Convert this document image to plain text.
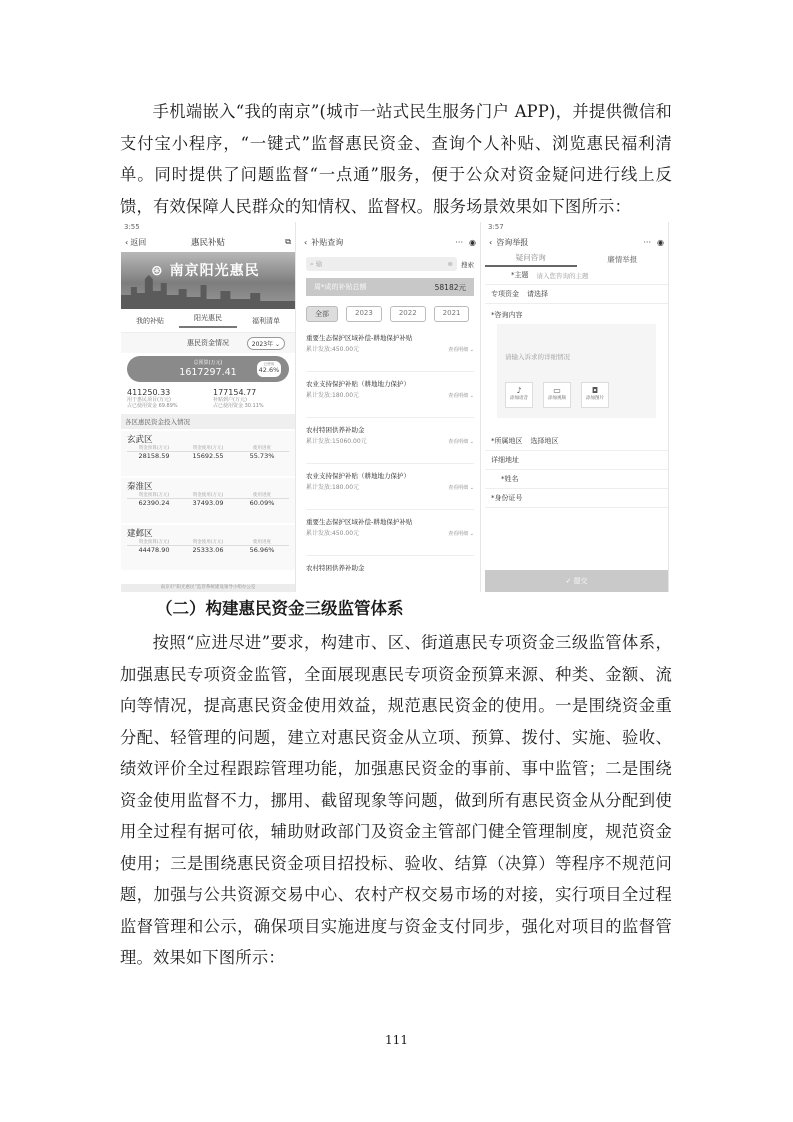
手机端嵌入“我的南京”(城市一站式民生服务门户 APP)，并提供微信和支付宝小程序，“一键式”监督惠民资金、查询个人补贴、浏览惠民福利清单。同时提供了问题监督“一点通”服务，便于公众对资金疑问进行线上反馈，有效保障人民群众的知情权、监督权。服务场景效果如下图所示：

3:55
‹ 返回	惠民补贴	⧉
⊛ 南京阳光惠民
我的补贴	阳光惠民	福利清单
惠民资金情况	2023年 ⌄
总预算(万元)
1617297.41
已使用
42.6%
411250.33
用于惠民项目(万元)
占已使用资金 69.89%
177154.77
补贴到户(万元)
占已使用资金 30.11%
各区惠民资金投入情况
玄武区
资金预算(万元)
28158.59
资金使用(万元)
15692.55
使用进度
55.73%
秦淮区
资金预算(万元)
62390.24
资金使用(万元)
37493.09
使用进度
60.09%
建邺区
资金预算(万元)
44478.90
资金使用(万元)
25333.06
使用进度
56.96%
南京市“阳光惠民”监管系统建设领导小组办公室
‹ 补贴查询	··· ◉
⌕ 输	⊗ 搜索
周*成的补贴总额	58182元
全部	2023	2022	2021
重要生态保护区域补偿-耕地保护补贴
累计发放:450.00元	查看明细 ⌄
农业支持保护补贴（耕地地力保护）
累计发放:180.00元	查看明细 ⌄
农村特困供养补助金
累计发放:15060.00元	查看明细 ⌄
农业支持保护补贴（耕地地力保护）
累计发放:180.00元	查看明细 ⌄
重要生态保护区域补偿-耕地保护补贴
累计发放:450.00元	查看明细 ⌄
农村特困供养补助金
3:57
‹ 咨询举报	··· ◉
疑问咨询	廉情举报
*主题 请入您咨询的主题
专项资金 请选择
*咨询内容
请输入诉求的详细情况
♪
添加语音
▭
添加视频
◘
添加图片
*所属地区 选择地区
详细地址
*姓名
*身份证号
✓ 提交
（二）构建惠民资金三级监管体系

按照“应进尽进”要求，构建市、区、街道惠民专项资金三级监管体系，加强惠民专项资金监管，全面展现惠民专项资金预算来源、种类、金额、流向等情况，提高惠民资金使用效益，规范惠民资金的使用。一是围绕资金重分配、轻管理的问题，建立对惠民资金从立项、预算、拨付、实施、验收、绩效评价全过程跟踪管理功能，加强惠民资金的事前、事中监管；二是围绕资金使用监督不力，挪用、截留现象等问题，做到所有惠民资金从分配到使用全过程有据可依，辅助财政部门及资金主管部门健全管理制度，规范资金使用；三是围绕惠民资金项目招投标、验收、结算（决算）等程序不规范问题，加强与公共资源交易中心、农村产权交易市场的对接，实行项目全过程监督管理和公示，确保项目实施进度与资金支付同步，强化对项目的监督管理。效果如下图所示：

111
